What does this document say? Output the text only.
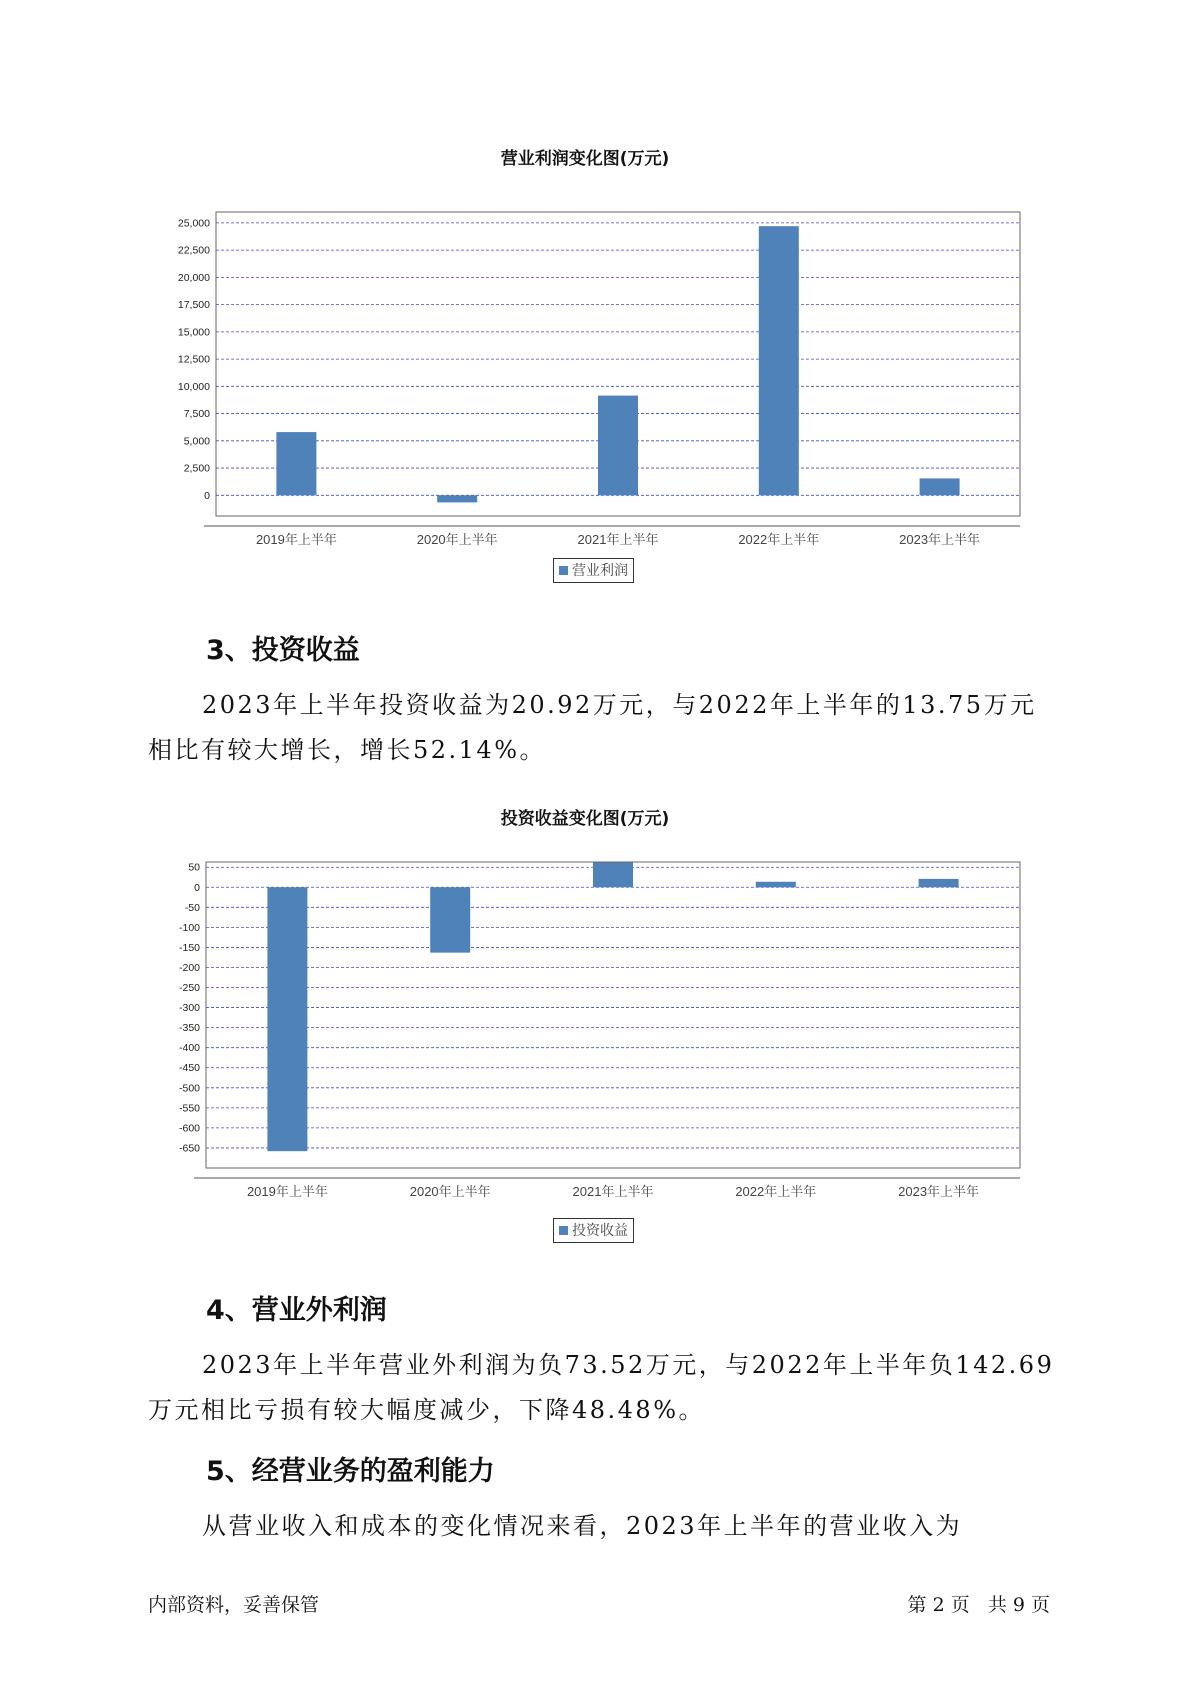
营业利润变化图(万元)
0
2,500
5,000
7,500
10,000
12,500
15,000
17,500
20,000
22,500
25,000
2019年上半年	2020年上半年	2021年上半年	2022年上半年	2023年上半年
营业利润
3、投资收益

2023年上半年投资收益为20.92万元，与2022年上半年的13.75万元相比有较大增长，增长52.14%。

投资收益变化图(万元)
50
0
-50
-100
-150
-200
-250
-300
-350
-400
-450
-500
-550
-600
-650
2019年上半年	2020年上半年	2021年上半年	2022年上半年	2023年上半年
投资收益
4、营业外利润

2023年上半年营业外利润为负73.52万元，与2022年上半年负142.69万元相比亏损有较大幅度减少，下降48.48%。

5、经营业务的盈利能力

从营业收入和成本的变化情况来看，2023年上半年的营业收入为

内部资料，妥善保管	第 2 页   共 9 页
